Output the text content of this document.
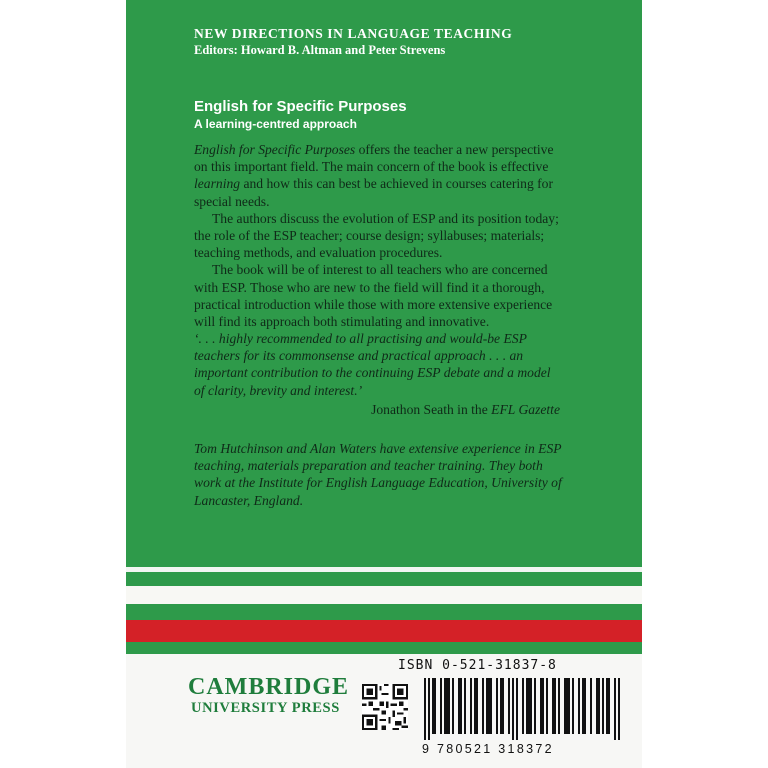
NEW DIRECTIONS IN LANGUAGE TEACHING
Editors: Howard B. Altman and Peter Strevens
English for Specific Purposes
A learning-centred approach

English for Specific Purposes offers the teacher a new perspective on this important field. The main concern of the book is effective learning and how this can best be achieved in courses catering for special needs.

The authors discuss the evolution of ESP and its position today; the role of the ESP teacher; course design; syllabuses; materials; teaching methods, and evaluation procedures.

The book will be of interest to all teachers who are concerned with ESP. Those who are new to the field will find it a thorough, practical introduction while those with more extensive experience will find its approach both stimulating and innovative.

‘. . . highly recommended to all practising and would-be ESP teachers for its commonsense and practical approach . . . an important contribution to the continuing ESP debate and a model of clarity, brevity and interest.’
Jonathon Seath in the EFL Gazette
Tom Hutchinson and Alan Waters have extensive experience in ESP teaching, materials preparation and teacher training. They both work at the Institute for English Language Education, University of Lancaster, England.
CAMBRIDGE
UNIVERSITY PRESS
ISBN 0-521-31837-8
9 780521 318372
